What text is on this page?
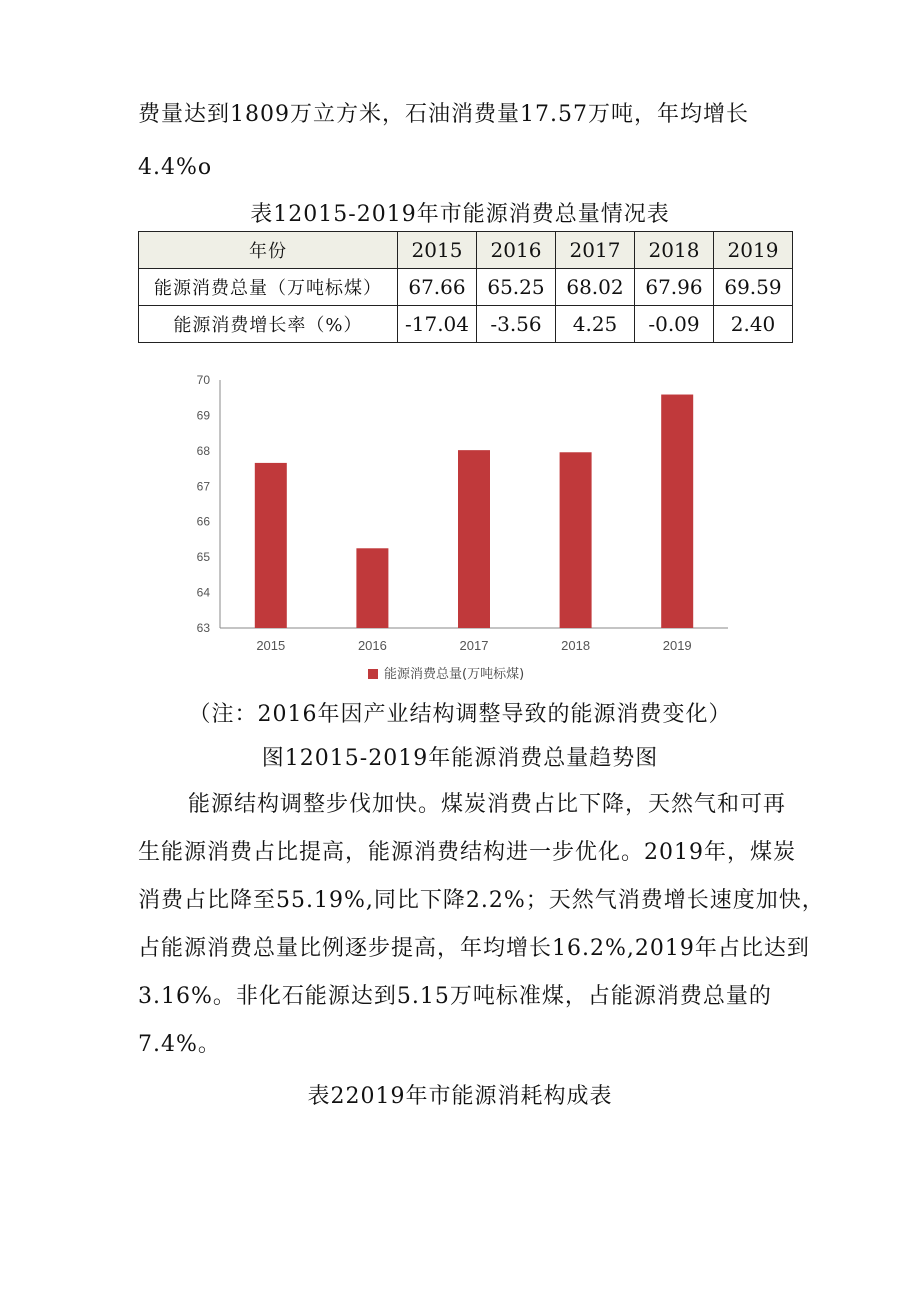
费量达到1809万立方米，石油消费量17.57万吨，年均增长
4.4%o
表12015-2019年市能源消费总量情况表
年份	2015	2016	2017	2018	2019
能源消费总量（万吨标煤）	67.66	65.25	68.02	67.96	69.59
能源消费增长率（%）	-17.04	-3.56	4.25	-0.09	2.40
63
64
65
66
67
68
69
70
2015	2016	2017	2018	2019
能源消费总量(万吨标煤)
（注：2016年因产业结构调整导致的能源消费变化）
图12015-2019年能源消费总量趋势图
能源结构调整步伐加快。煤炭消费占比下降，天然气和可再
生能源消费占比提高，能源消费结构进一步优化。2019年，煤炭
消费占比降至55.19%,同比下降2.2%；天然气消费增长速度加快，
占能源消费总量比例逐步提高，年均增长16.2%,2019年占比达到
3.16%。非化石能源达到5.15万吨标准煤，占能源消费总量的
7.4%。
表22019年市能源消耗构成表
